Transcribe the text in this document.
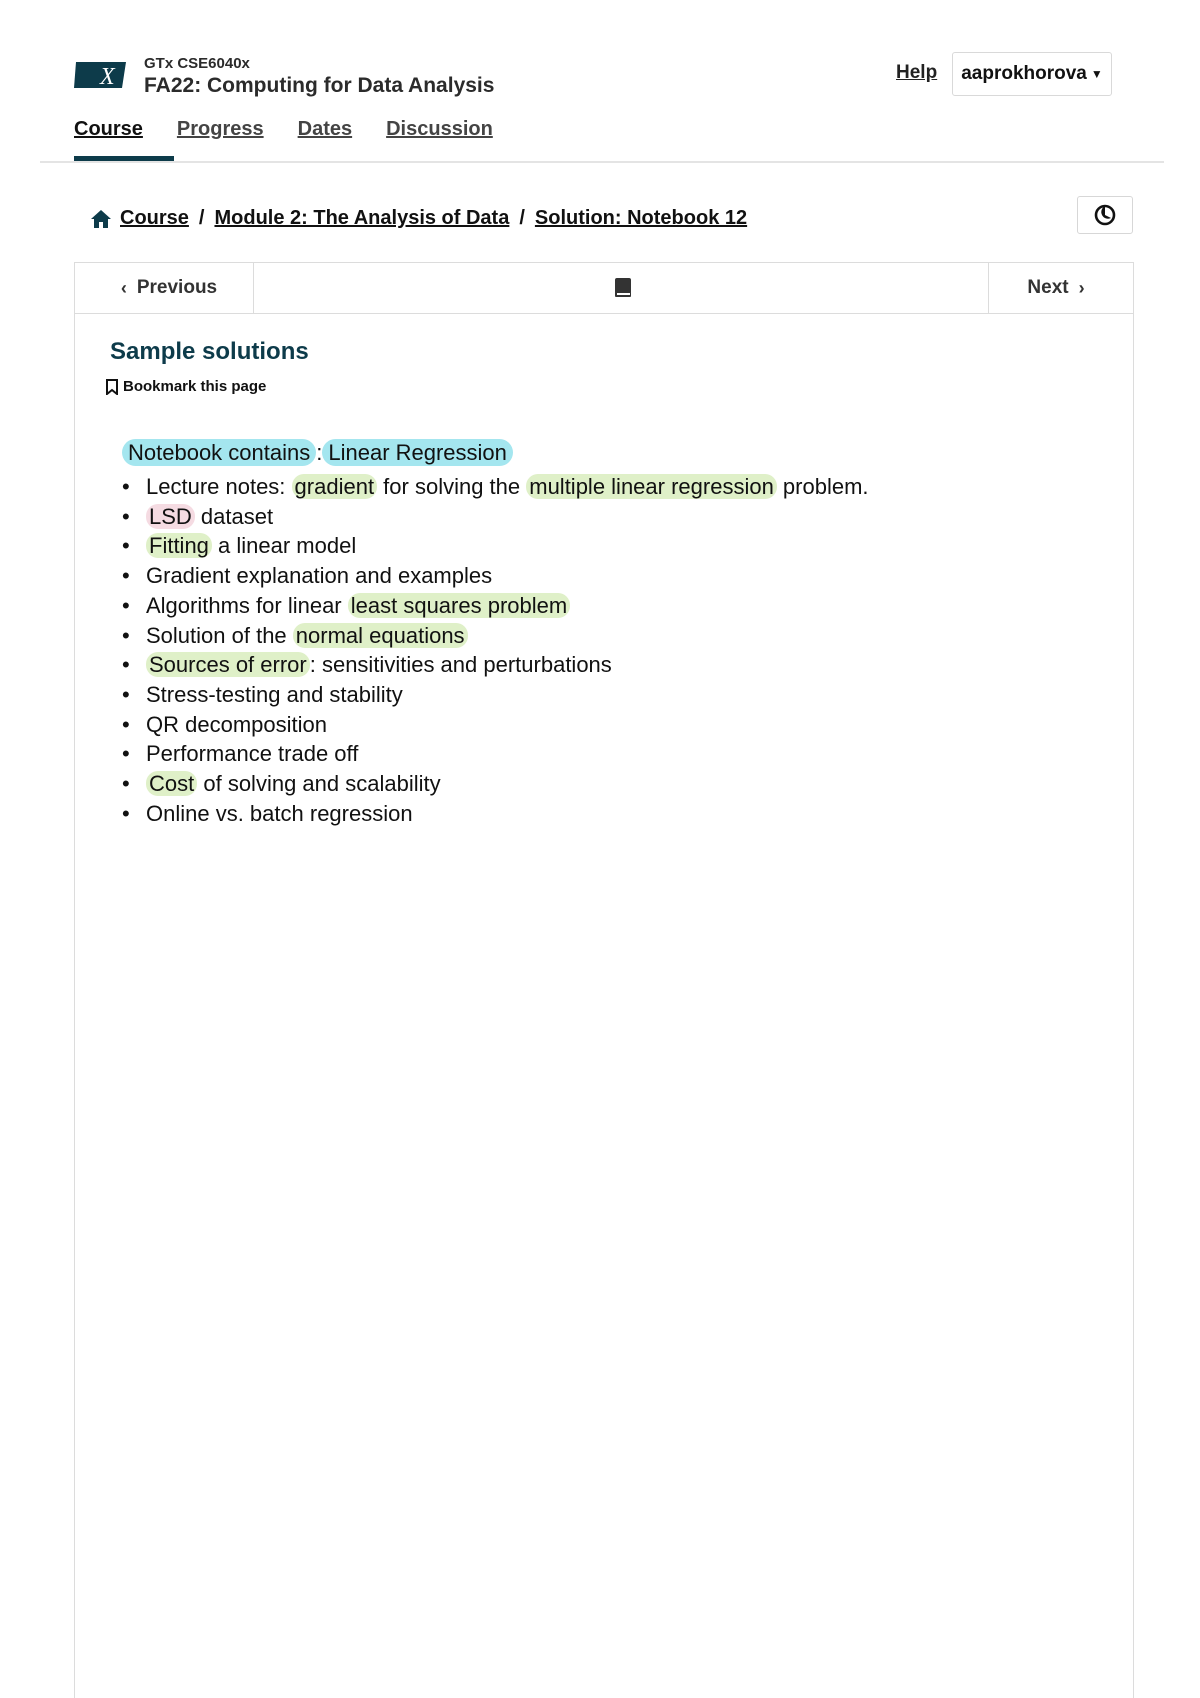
X
GTx CSE6040x
FA22: Computing for Data Analysis
Help aaprokhorova ▼
Course Progress Dates Discussion
Course / Module 2: The Analysis of Data / Solution: Notebook 12
‹ Previous	Next ›
Sample solutions
Bookmark this page
Notebook contains : Linear Regression
• Lecture notes: gradient for solving the multiple linear regression problem.
• LSD dataset
• Fitting a linear model
• Gradient explanation and examples
• Algorithms for linear least squares problem
• Solution of the normal equations
• Sources of error : sensitivities and perturbations
• Stress-testing and stability
• QR decomposition
• Performance trade off
• Cost of solving and scalability
• Online vs. batch regression
